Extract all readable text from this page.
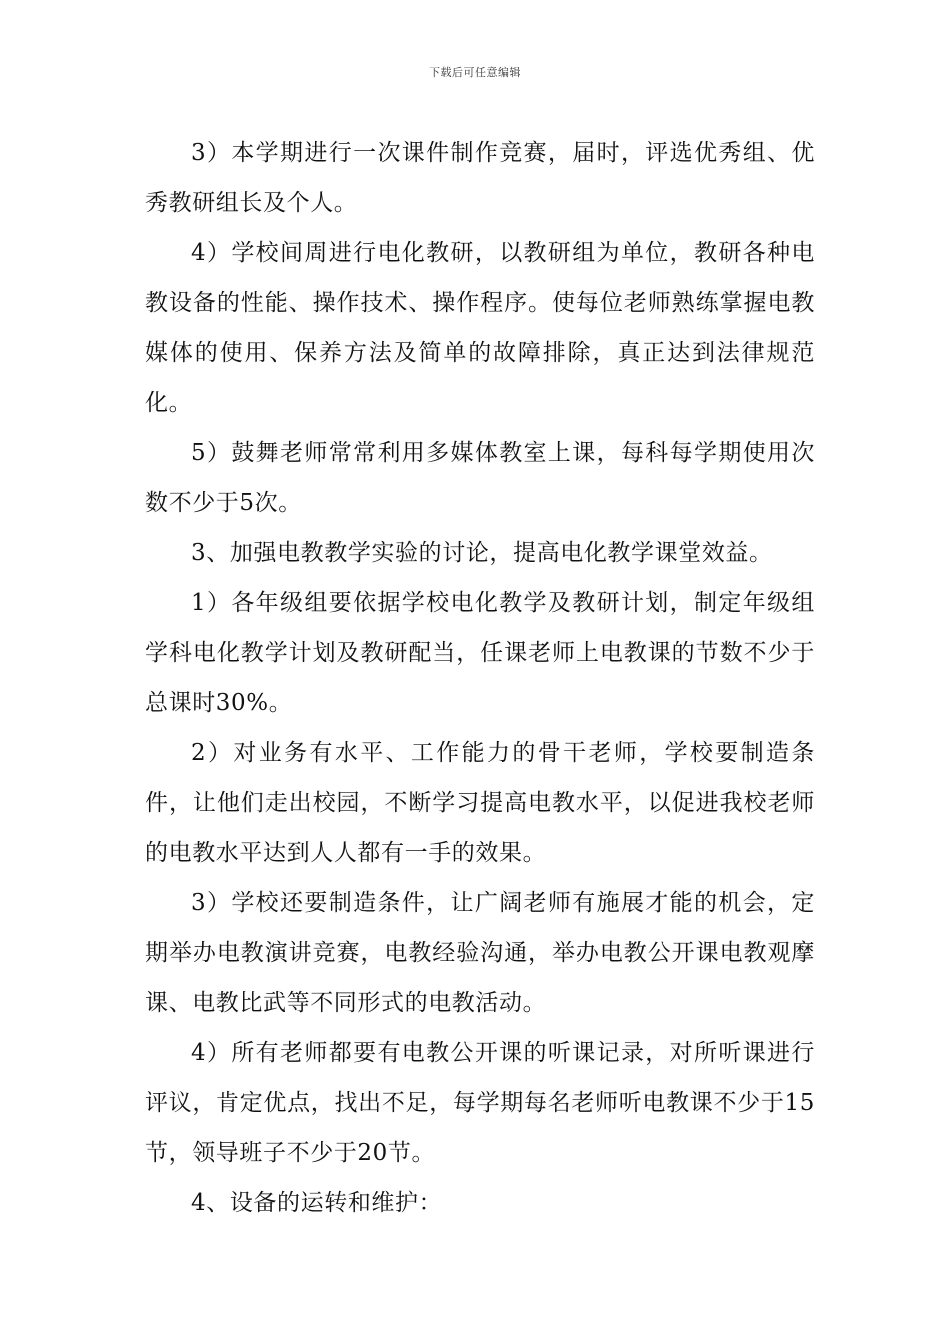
下载后可任意编辑

3）本学期进行一次课件制作竞赛，届时，评选优秀组、优秀教研组长及个人。

4）学校间周进行电化教研，以教研组为单位，教研各种电教设备的性能、操作技术、操作程序。使每位老师熟练掌握电教媒体的使用、保养方法及简单的故障排除，真正达到法律规范化。

5）鼓舞老师常常利用多媒体教室上课，每科每学期使用次数不少于5次。

3、加强电教教学实验的讨论，提高电化教学课堂效益。

1）各年级组要依据学校电化教学及教研计划，制定年级组学科电化教学计划及教研配当，任课老师上电教课的节数不少于总课时30%。

2）对业务有水平、工作能力的骨干老师，学校要制造条件，让他们走出校园，不断学习提高电教水平，以促进我校老师的电教水平达到人人都有一手的效果。

3）学校还要制造条件，让广阔老师有施展才能的机会，定期举办电教演讲竞赛，电教经验沟通，举办电教公开课电教观摩课、电教比武等不同形式的电教活动。

4）所有老师都要有电教公开课的听课记录，对所听课进行评议，肯定优点，找出不足，每学期每名老师听电教课不少于15节，领导班子不少于20节。

4、设备的运转和维护：
